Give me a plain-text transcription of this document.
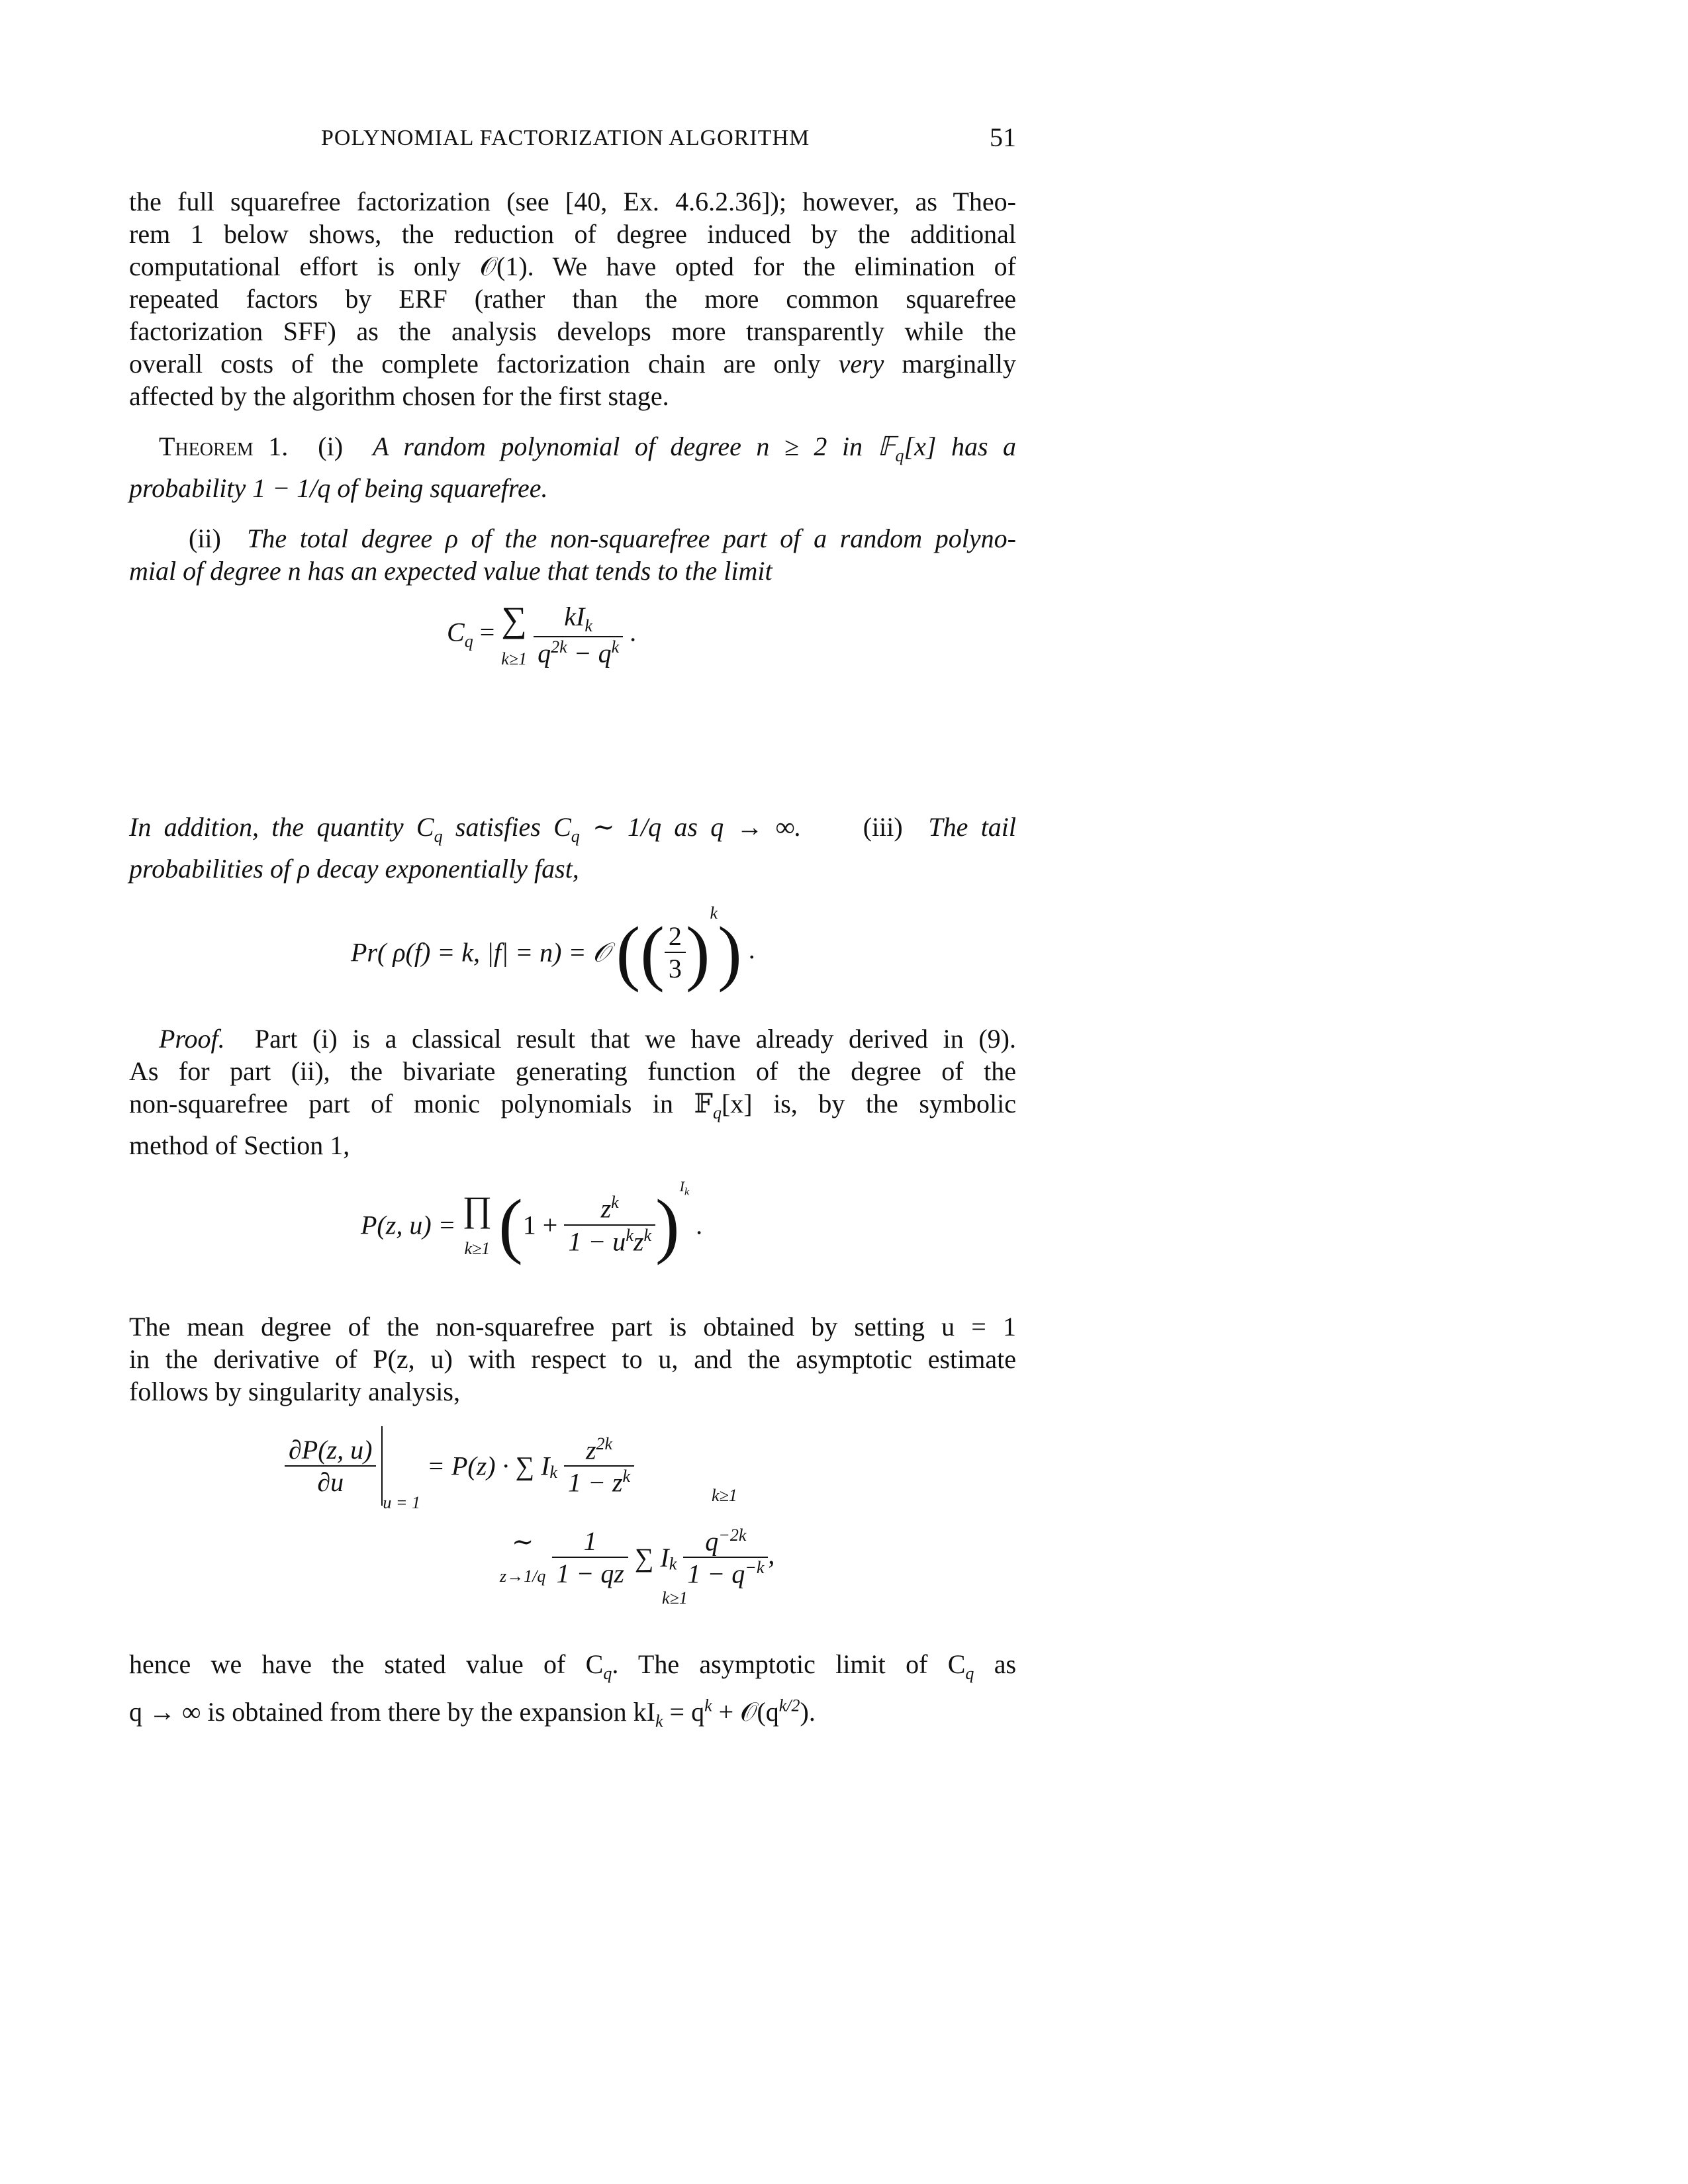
POLYNOMIAL FACTORIZATION ALGORITHM	51
the full squarefree factorization (see [40, Ex. 4.6.2.36]); however, as Theo-
rem 1 below shows, the reduction of degree induced by the additional
computational effort is only 𝒪(1). We have opted for the elimination of
repeated factors by ERF (rather than the more common squarefree
factorization SFF) as the analysis develops more transparently while the
overall costs of the complete factorization chain are only very marginally
affected by the algorithm chosen for the first stage.
Theorem 1. (i) A random polynomial of degree n ≥ 2 in 𝔽$_q$[x] has a
probability 1 − 1/q of being squarefree.
(ii) The total degree ρ of the non-squarefree part of a random polyno-
mial of degree n has an expected value that tends to the limit
$C_q$ = ∑
$k\ge 1 \frac{kI_k}{q^{2k} - q^k}$ .
In addition, the quantity $C_q$ satisfies $C_q$ ∼ 1/q as q → ∞. (iii) The tail probabilities of ρ decay exponentially fast,
Pr( ρ(f) = k, |f| = n) = 𝒪 (( $\frac{2}{3} )^k$) .
Proof. Part (i) is a classical result that we have already derived in (9).
As for part (ii), the bivariate generating function of the degree of the
non-squarefree part of monic polynomials in 𝔽$_q$[x] is, by the symbolic
method of Section 1,
P(z, u) = ∏
k≥1 $(1 + \frac{z^k}{1 - u^kz^k} )^{I_k}$ .
The mean degree of the non-squarefree part is obtained by setting u = 1
in the derivative of P(z, u) with respect to u, and the asymptotic estimate
follows by singularity analysis,
$\frac{\partial P(z, u)}{\partial u}$
$_{u = 1}$ = P(z) · ∑ $I_k \frac{z^{2k}}{1 - z^k}$	k≥1
∼
$z\to 1/q \frac{1}{1 - qz}$ ∑ $I_k \frac{q^{-2k}}{1 - q^{-k}}$ ,
k≥1
hence we have the stated value of $C_q$. The asymptotic limit of $C_q$ as
q → ∞ is obtained from there by the expansion $kI_k = q^k$ + $𝒪(q^{k/2})$.
